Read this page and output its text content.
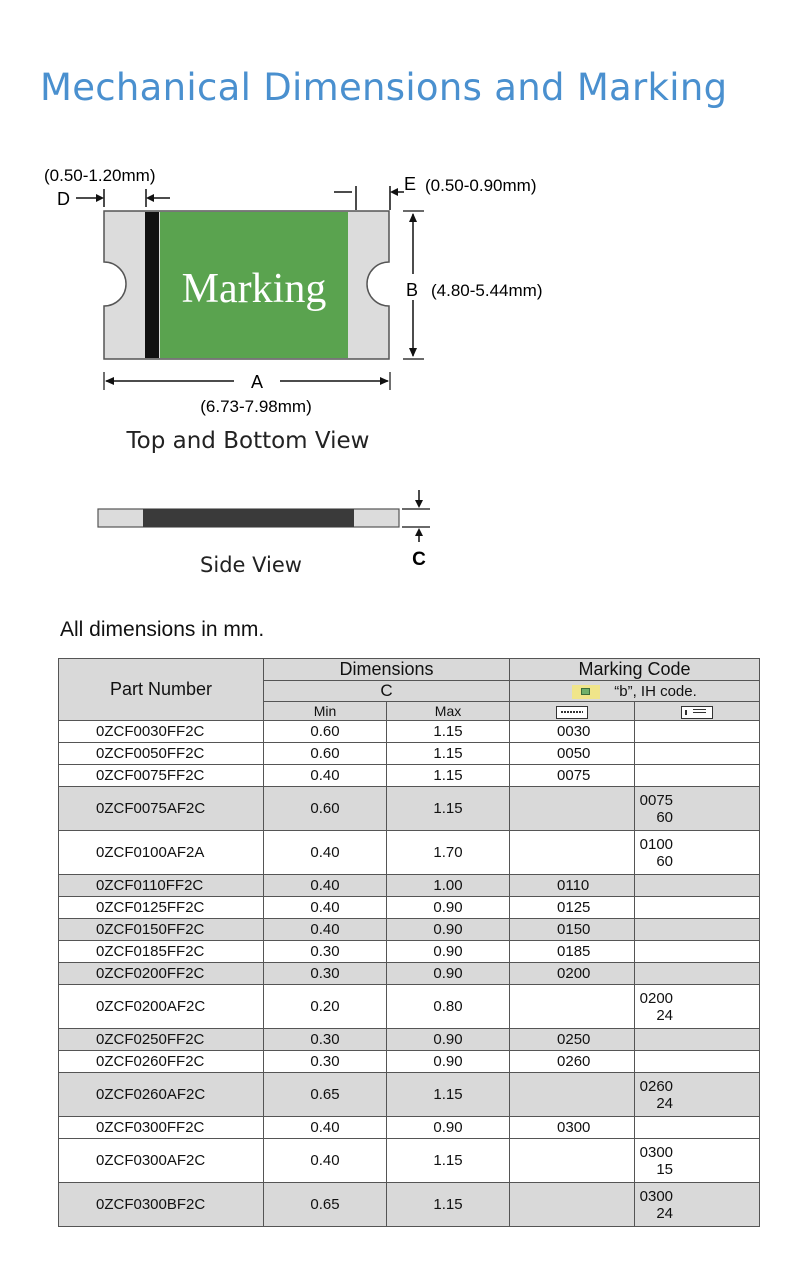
Mechanical Dimensions and Marking
Marking
(0.50-1.20mm)
D
E (0.50-0.90mm)
B (4.80-5.44mm)
A
(6.73-7.98mm)
Top and Bottom View
C
Side View
All dimensions in mm.
Part Number	Dimensions		Marking Code	
	C		“b”, IH code.	
	Min	Max		
0ZCF0030FF2C	0.60	1.15	0030	
0ZCF0050FF2C	0.60	1.15	0050	
0ZCF0075FF2C	0.40	1.15	0075	
0ZCF0075AF2C	0.60	1.15		0075
60

0ZCF0100AF2A	0.40	1.70		0100
60

0ZCF0110FF2C	0.40	1.00	0110	
0ZCF0125FF2C	0.40	0.90	0125	
0ZCF0150FF2C	0.40	0.90	0150	
0ZCF0185FF2C	0.30	0.90	0185	
0ZCF0200FF2C	0.30	0.90	0200	
0ZCF0200AF2C	0.20	0.80		0200
24

0ZCF0250FF2C	0.30	0.90	0250	
0ZCF0260FF2C	0.30	0.90	0260	
0ZCF0260AF2C	0.65	1.15		0260
24

0ZCF0300FF2C	0.40	0.90	0300	
0ZCF0300AF2C	0.40	1.15		0300
15

0ZCF0300BF2C	0.65	1.15		0300
24
